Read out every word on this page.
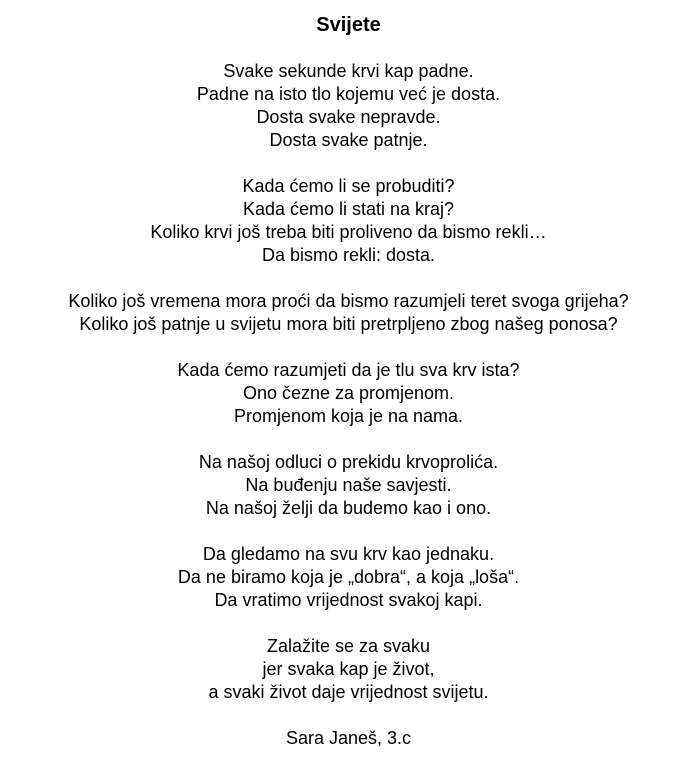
Svijete
Svake sekunde krvi kap padne.
Padne na isto tlo kojemu već je dosta.
Dosta svake nepravde.
Dosta svake patnje.
Kada ćemo li se probuditi?
Kada ćemo li stati na kraj?
Koliko krvi još treba biti proliveno da bismo rekli…
Da bismo rekli: dosta.
Koliko još vremena mora proći da bismo razumjeli teret svoga grijeha?
Koliko još patnje u svijetu mora biti pretrpljeno zbog našeg ponosa?
Kada ćemo razumjeti da je tlu sva krv ista?
Ono čezne za promjenom.
Promjenom koja je na nama.
Na našoj odluci o prekidu krvoprolića.
Na buđenju naše savjesti.
Na našoj želji da budemo kao i ono.
Da gledamo na svu krv kao jednaku.
Da ne biramo koja je „dobra“, a koja „loša“.
Da vratimo vrijednost svakoj kapi.
Zalažite se za svaku
jer svaka kap je život,
a svaki život daje vrijednost svijetu.
Sara Janeš, 3.c
